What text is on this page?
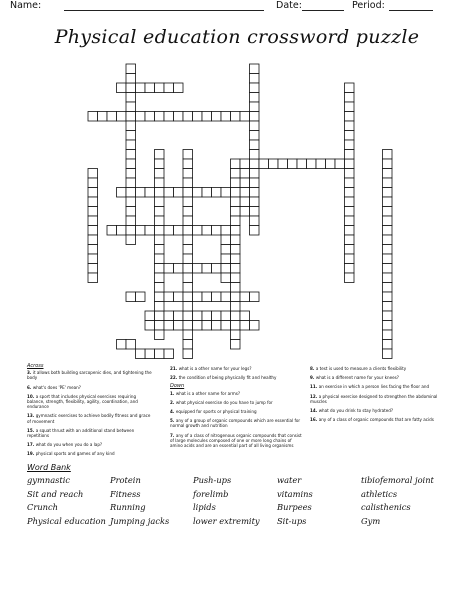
Name:	Date:	Period:
Physical education crossword puzzle
Across
3. it allows both building sarcopenic dies, and tightening the body
6. what's does 'PE' mean?
10. a sport that includes physical exercises requiring balance, strength, flexibility, agility, coordination, and endurance
13. gymnastic exercises to achieve bodily fitness and grace of movement
15. a squat thrust with an additional stand between repetitions
17. what do you when you do a lap?
19. physical sports and games of any kind
21. what is a other name for your legs?
22. the condition of being physically fit and healthy
Down
1. what is a other name for arms?
2. what physical exercise do you have to jump for
4. equipped for sports or physical training
5. any of a group of organic compounds which are essential for normal growth and nutrition
7. any of a class of nitrogenous organic compounds that consist of large molecules composed of one or more long chains of amino acids and are an essential part of all living organisms
8. a test is used to measure a clients flexibility
9. what is a different name for your knees?
11. an exercise in which a person lies facing the floor and
12. a physical exercise designed to strengthen the abdominal muscles
14. what do you drink to stay hydrated?
16. any of a class of organic compounds that are fatty acids
Word Bank
gymnastic
Sit and reach
Crunch
Physical education
Protein
Fitness
Running
Jumping jacks
Push-ups
forelimb
lipids
lower extremity
water
vitamins
Burpees
Sit-ups
tibiofemoral joint
athletics
calisthenics
Gym
